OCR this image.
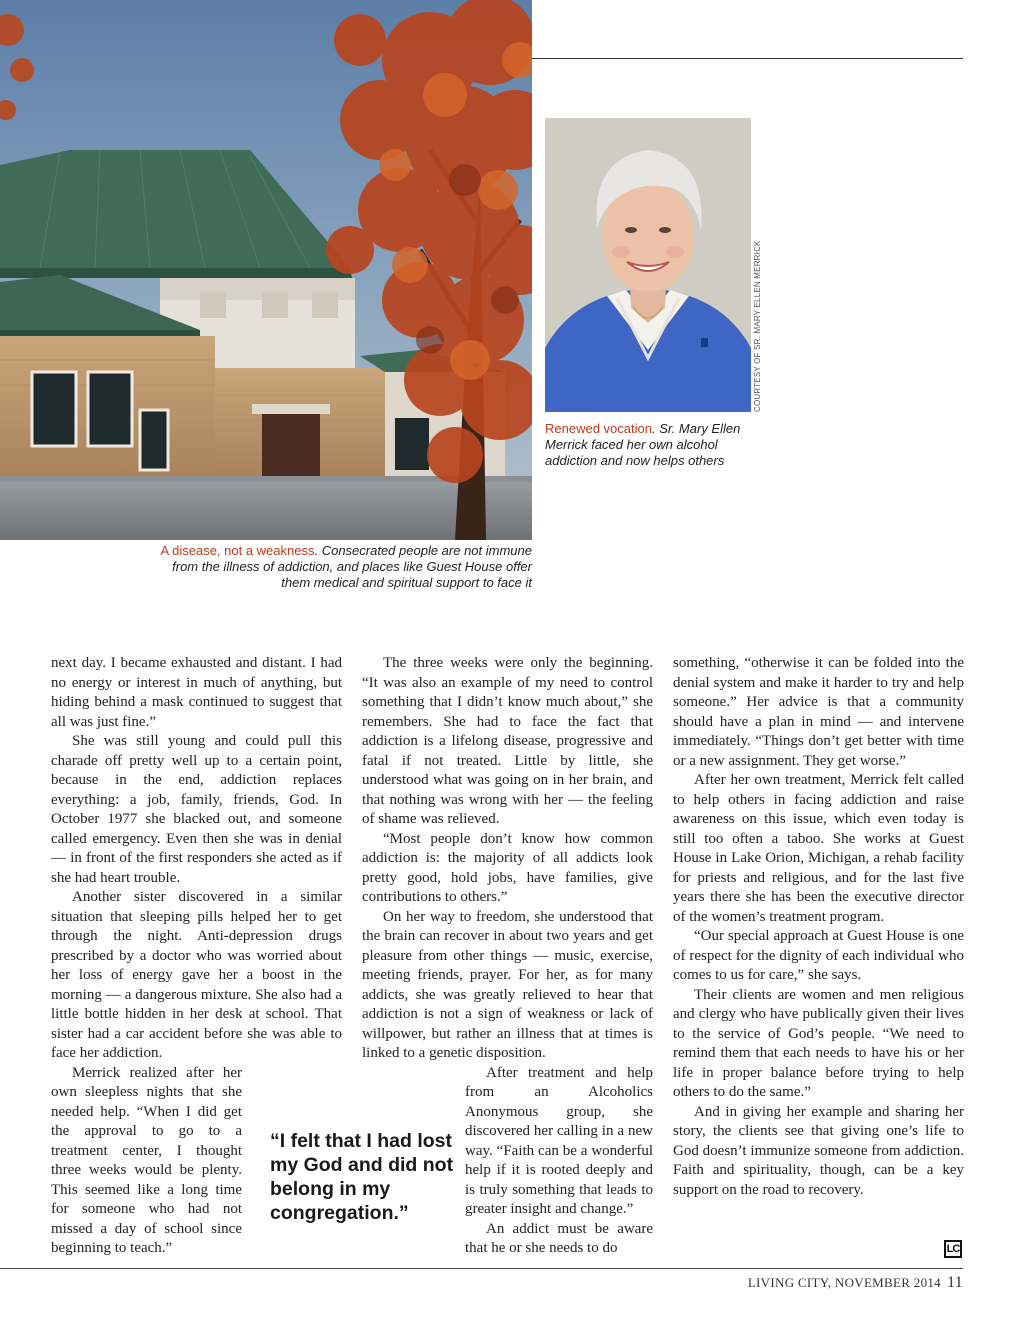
COURTESY OF SR. MARY ELLEN MERRICK
Renewed vocation. Sr. Mary Ellen Merrick faced her own alcohol addiction and now helps others
A disease, not a weakness. Consecrated people are not immune from the illness of addiction, and places like Guest House offer them medical and spiritual support to face it

next day. I became exhausted and distant. I had no energy or interest in much of anything, but hiding behind a mask continued to suggest that all was just fine.”

She was still young and could pull this charade off pretty well up to a certain point, because in the end, addiction replaces everything: a job, family, friends, God. In October 1977 she blacked out, and someone called emergency. Even then she was in denial — in front of the first responders she acted as if she had heart trouble.

Another sister discovered in a similar situation that sleeping pills helped her to get through the night. Anti-depression drugs prescribed by a doctor who was worried about her loss of energy gave her a boost in the morning — a dangerous mixture. She also had a little bottle hidden in her desk at school. That sister had a car accident before she was able to face her addiction.

Merrick realized after her own sleepless nights that she needed help. “When I did get the approval to go to a treatment center, I thought three weeks would be plenty. This seemed like a long time for someone who had not missed a day of school since beginning to teach.”

The three weeks were only the beginning. “It was also an example of my need to control something that I didn’t know much about,” she remembers. She had to face the fact that addiction is a lifelong disease, progressive and fatal if not treated. Little by little, she understood what was going on in her brain, and that nothing was wrong with her — the feeling of shame was relieved.

“Most people don’t know how common addiction is: the majority of all addicts look pretty good, hold jobs, have families, give contributions to others.”

On her way to freedom, she understood that the brain can recover in about two years and get pleasure from other things — music, exercise, meeting friends, prayer. For her, as for many addicts, she was greatly relieved to hear that addiction is not a sign of weakness or lack of willpower, but rather an illness that at times is linked to a genetic disposition.

After treatment and help from an Alcoholics Anonymous group, she discovered her calling in a new way. “Faith can be a wonderful help if it is rooted deeply and is truly something that leads to greater insight and change.”

An addict must be aware that he or she needs to do

something, “otherwise it can be folded into the denial system and make it harder to try and help someone.” Her advice is that a community should have a plan in mind — and intervene immediately. “Things don’t get better with time or a new assignment. They get worse.”

After her own treatment, Merrick felt called to help others in facing addiction and raise awareness on this issue, which even today is still too often a taboo. She works at Guest House in Lake Orion, Michigan, a rehab facility for priests and religious, and for the last five years there she has been the executive director of the women’s treatment program.

“Our special approach at Guest House is one of respect for the dignity of each individual who comes to us for care,” she says.

Their clients are women and men religious and clergy who have publically given their lives to the service of God’s people. “We need to remind them that each needs to have his or her life in proper balance before trying to help others to do the same.”

And in giving her example and sharing her story, the clients see that giving one’s life to God doesn’t immunize someone from addiction. Faith and spirituality, though, can be a key support on the road to recovery.

“I felt that I had lost my God and did not belong in my congregation.”
LC
LIVING CITY, NOVEMBER 2014 11
